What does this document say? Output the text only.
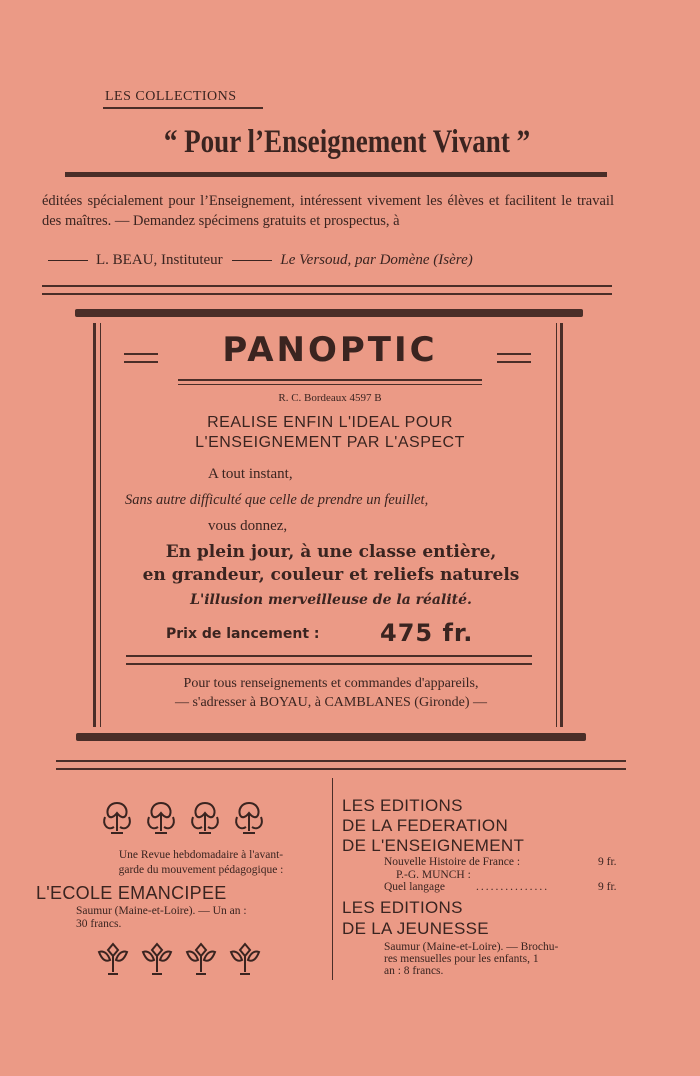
LES COLLECTIONS
“ Pour l’Enseignement Vivant ”
éditées spécialement pour l’Enseignement, intéressent vivement les élèves et facilitent le travail des maîtres. — Demandez spécimens gratuits et prospectus, à
L. BEAU, Instituteur	Le Versoud, par Domène (Isère)
PANOPTIC
R. C. Bordeaux 4597 B
REALISE ENFIN L'IDEAL POUR
L'ENSEIGNEMENT PAR L'ASPECT
A tout instant,
Sans autre difficulté que celle de prendre un feuillet,
vous donnez,
En plein jour, à une classe entière,
en grandeur, couleur et reliefs naturels
L'illusion merveilleuse de la réalité.
Prix de lancement :	475 fr.
Pour tous renseignements et commandes d'appareils,
— s'adresser à BOYAU, à CAMBLANES (Gironde) —
Une Revue hebdomadaire à l'avant-
garde du mouvement pédagogique :
L'ECOLE EMANCIPEE
Saumur (Maine-et-Loire). — Un an :
30 francs.
LES EDITIONS
DE LA FEDERATION
DE L'ENSEIGNEMENT
Nouvelle Histoire de France :	9 fr.
P.-G. MUNCH :
Quel langage	...............	9 fr.
LES EDITIONS
DE LA JEUNESSE
Saumur (Maine-et-Loire). — Brochu-
res mensuelles pour les enfants, 1
an : 8 francs.
